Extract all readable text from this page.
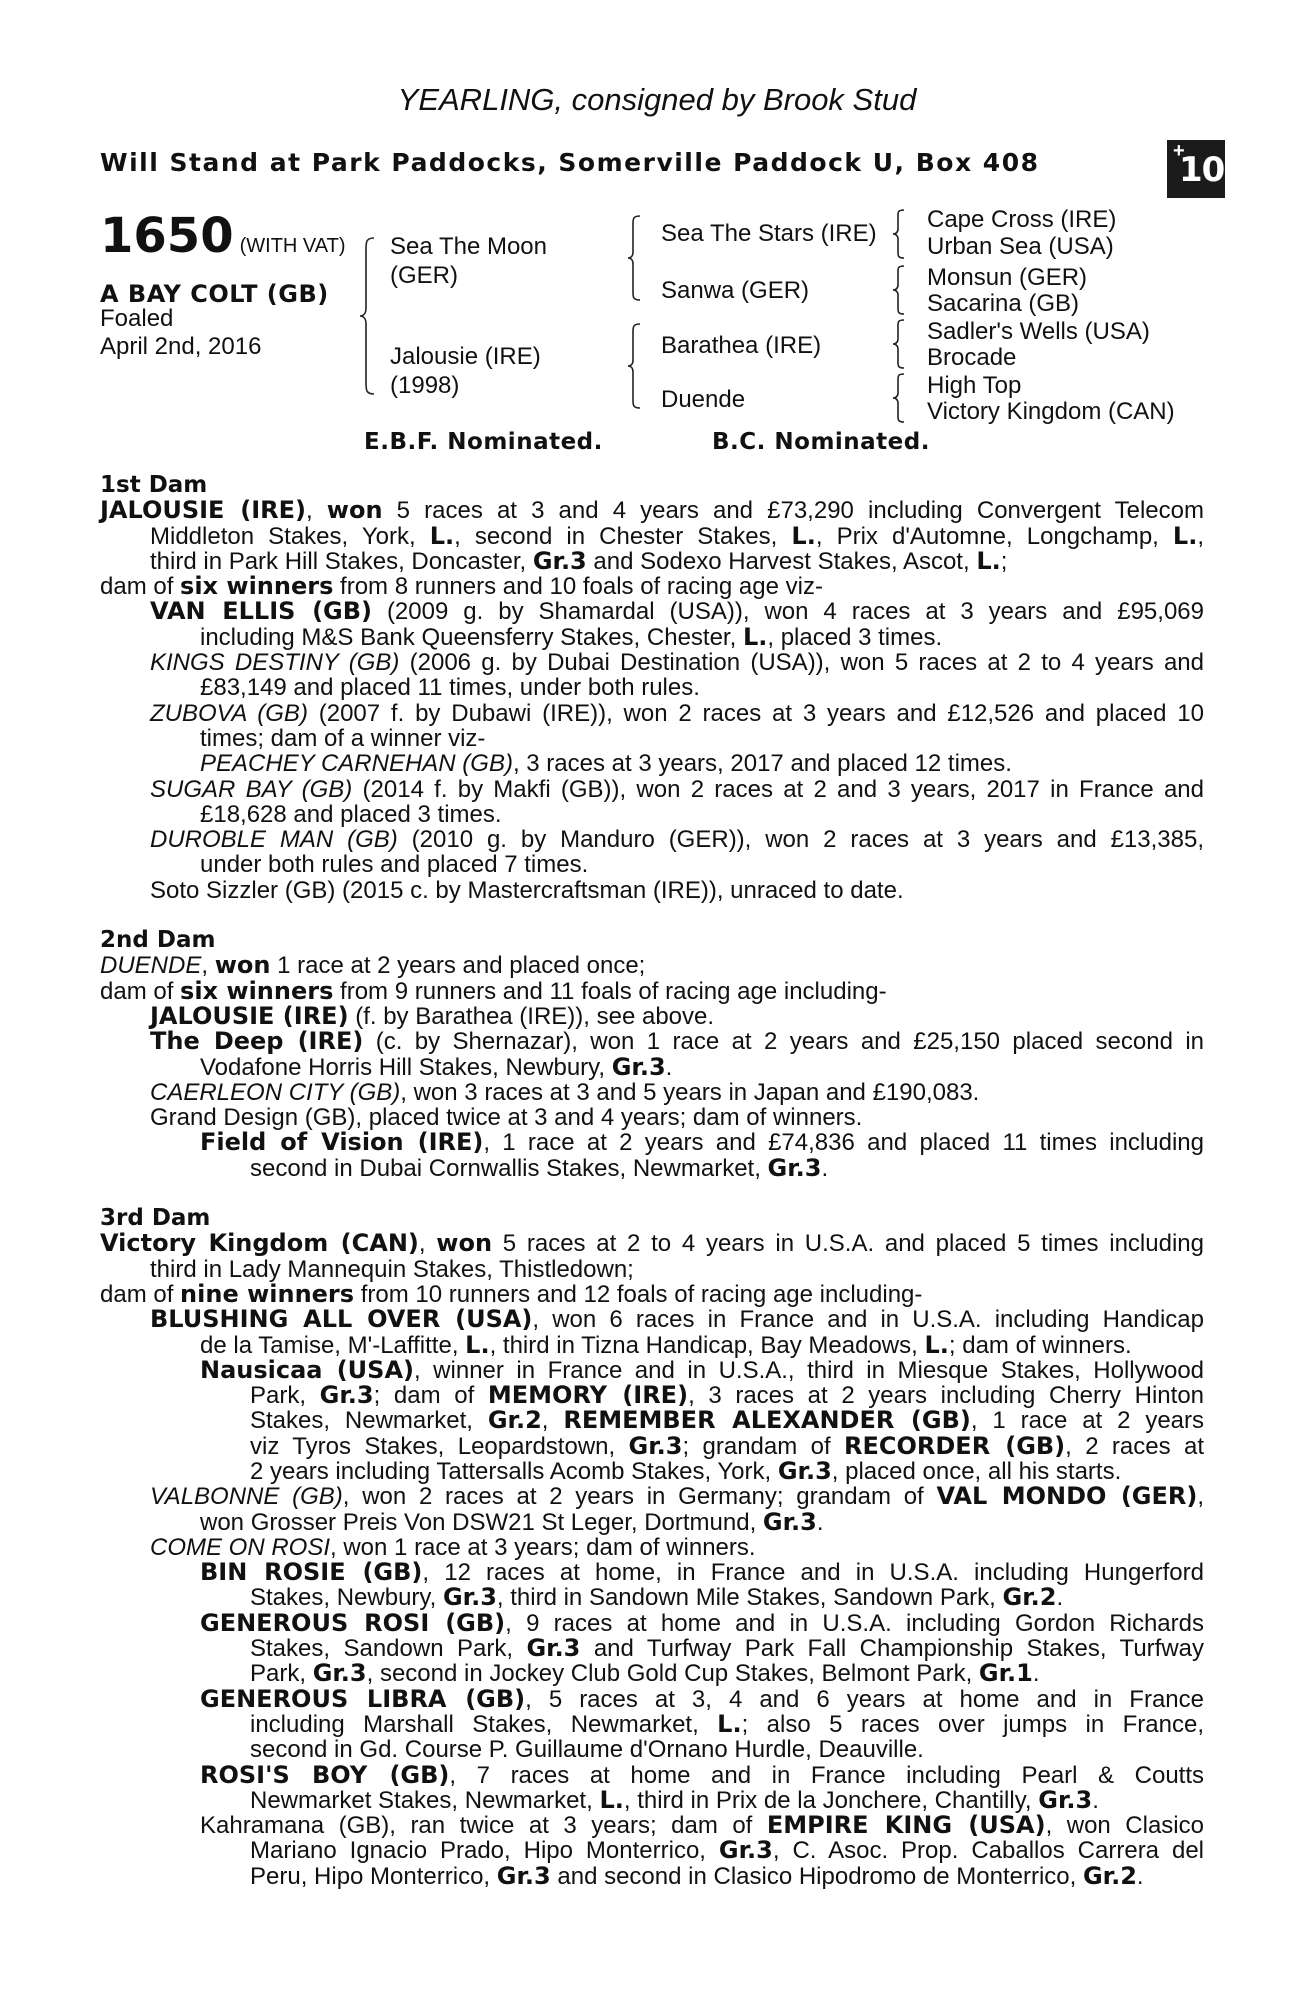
YEARLING, consigned by Brook Stud
Will Stand at Park Paddocks, Somerville Paddock U, Box 408	+
10
1650 (WITH VAT)
A BAY COLT (GB)
Foaled
April 2nd, 2016
Sea The Moon
(GER)
Jalousie (IRE)
(1998)
Sea The Stars (IRE)
Sanwa (GER)
Barathea (IRE)
Duende
Cape Cross (IRE)
Urban Sea (USA)
Monsun (GER)
Sacarina (GB)
Sadler's Wells (USA)
Brocade
High Top
Victory Kingdom (CAN)
E.B.F. Nominated.	B.C. Nominated.
1st Dam
JALOUSIE (IRE), won 5 races at 3 and 4 years and £73,290 including Convergent Telecom
Middleton Stakes, York, L., second in Chester Stakes, L., Prix d'Automne, Longchamp, L.,
third in Park Hill Stakes, Doncaster, Gr.3 and Sodexo Harvest Stakes, Ascot, L.;
dam of six winners from 8 runners and 10 foals of racing age viz-
VAN ELLIS (GB) (2009 g. by Shamardal (USA)), won 4 races at 3 years and £95,069
including M&S Bank Queensferry Stakes, Chester, L., placed 3 times.
KINGS DESTINY (GB) (2006 g. by Dubai Destination (USA)), won 5 races at 2 to 4 years and
£83,149 and placed 11 times, under both rules.
ZUBOVA (GB) (2007 f. by Dubawi (IRE)), won 2 races at 3 years and £12,526 and placed 10
times; dam of a winner viz-
PEACHEY CARNEHAN (GB), 3 races at 3 years, 2017 and placed 12 times.
SUGAR BAY (GB) (2014 f. by Makfi (GB)), won 2 races at 2 and 3 years, 2017 in France and
£18,628 and placed 3 times.
DUROBLE MAN (GB) (2010 g. by Manduro (GER)), won 2 races at 3 years and £13,385,
under both rules and placed 7 times.
Soto Sizzler (GB) (2015 c. by Mastercraftsman (IRE)), unraced to date.
2nd Dam
DUENDE, won 1 race at 2 years and placed once;
dam of six winners from 9 runners and 11 foals of racing age including-
JALOUSIE (IRE) (f. by Barathea (IRE)), see above.
The Deep (IRE) (c. by Shernazar), won 1 race at 2 years and £25,150 placed second in
Vodafone Horris Hill Stakes, Newbury, Gr.3.
CAERLEON CITY (GB), won 3 races at 3 and 5 years in Japan and £190,083.
Grand Design (GB), placed twice at 3 and 4 years; dam of winners.
Field of Vision (IRE), 1 race at 2 years and £74,836 and placed 11 times including
second in Dubai Cornwallis Stakes, Newmarket, Gr.3.
3rd Dam
Victory Kingdom (CAN), won 5 races at 2 to 4 years in U.S.A. and placed 5 times including
third in Lady Mannequin Stakes, Thistledown;
dam of nine winners from 10 runners and 12 foals of racing age including-
BLUSHING ALL OVER (USA), won 6 races in France and in U.S.A. including Handicap
de la Tamise, M'-Laffitte, L., third in Tizna Handicap, Bay Meadows, L.; dam of winners.
Nausicaa (USA), winner in France and in U.S.A., third in Miesque Stakes, Hollywood
Park, Gr.3; dam of MEMORY (IRE), 3 races at 2 years including Cherry Hinton
Stakes, Newmarket, Gr.2, REMEMBER ALEXANDER (GB), 1 race at 2 years
viz Tyros Stakes, Leopardstown, Gr.3; grandam of RECORDER (GB), 2 races at
2 years including Tattersalls Acomb Stakes, York, Gr.3, placed once, all his starts.
VALBONNE (GB), won 2 races at 2 years in Germany; grandam of VAL MONDO (GER),
won Grosser Preis Von DSW21 St Leger, Dortmund, Gr.3.
COME ON ROSI, won 1 race at 3 years; dam of winners.
BIN ROSIE (GB), 12 races at home, in France and in U.S.A. including Hungerford
Stakes, Newbury, Gr.3, third in Sandown Mile Stakes, Sandown Park, Gr.2.
GENEROUS ROSI (GB), 9 races at home and in U.S.A. including Gordon Richards
Stakes, Sandown Park, Gr.3 and Turfway Park Fall Championship Stakes, Turfway
Park, Gr.3, second in Jockey Club Gold Cup Stakes, Belmont Park, Gr.1.
GENEROUS LIBRA (GB), 5 races at 3, 4 and 6 years at home and in France
including Marshall Stakes, Newmarket, L.; also 5 races over jumps in France,
second in Gd. Course P. Guillaume d'Ornano Hurdle, Deauville.
ROSI'S BOY (GB), 7 races at home and in France including Pearl & Coutts
Newmarket Stakes, Newmarket, L., third in Prix de la Jonchere, Chantilly, Gr.3.
Kahramana (GB), ran twice at 3 years; dam of EMPIRE KING (USA), won Clasico
Mariano Ignacio Prado, Hipo Monterrico, Gr.3, C. Asoc. Prop. Caballos Carrera del
Peru, Hipo Monterrico, Gr.3 and second in Clasico Hipodromo de Monterrico, Gr.2.
